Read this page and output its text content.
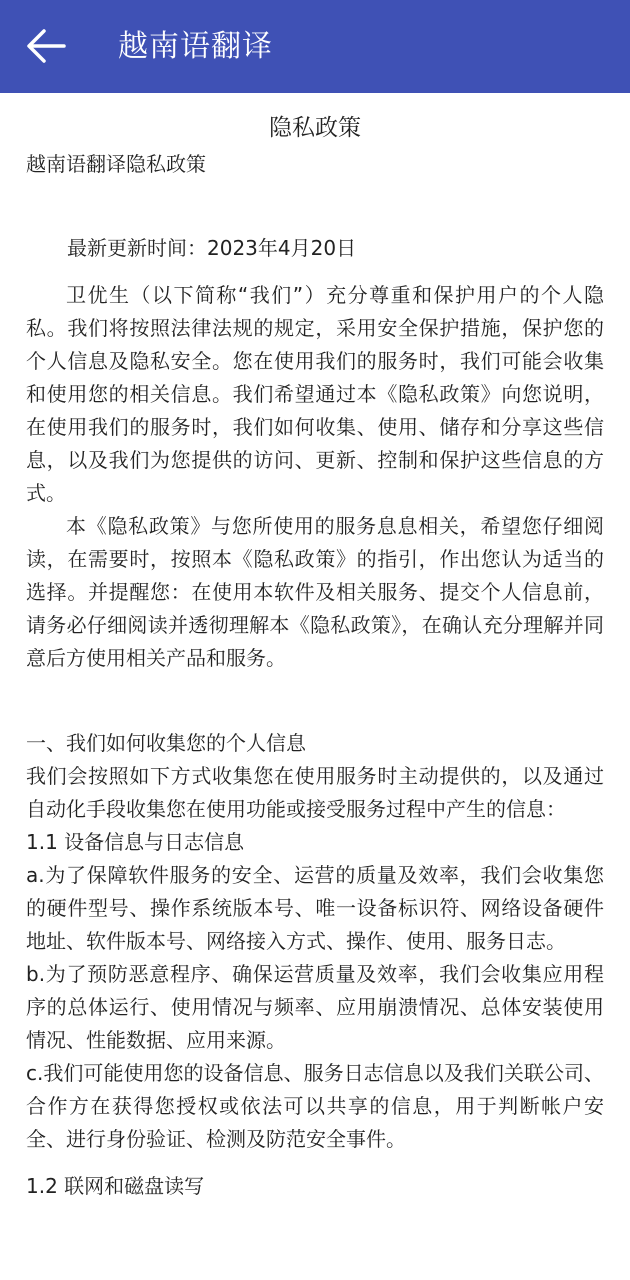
越南语翻译
隐私政策
越南语翻译隐私政策
最新更新时间：2023年4月20日

卫优生（以下简称“我们”）充分尊重和保护用户的个人隐私。我们将按照法律法规的规定，采用安全保护措施，保护您的个人信息及隐私安全。您在使用我们的服务时，我们可能会收集和使用您的相关信息。我们希望通过本《隐私政策》向您说明，在使用我们的服务时，我们如何收集、使用、储存和分享这些信息，以及我们为您提供的访问、更新、控制和保护这些信息的方式。

本《隐私政策》与您所使用的服务息息相关，希望您仔细阅读，在需要时，按照本《隐私政策》的指引，作出您认为适当的选择。并提醒您：在使用本软件及相关服务、提交个人信息前，请务必仔细阅读并透彻理解本《隐私政策》，在确认充分理解并同意后方使用相关产品和服务。

一、我们如何收集您的个人信息

我们会按照如下方式收集您在使用服务时主动提供的，以及通过自动化手段收集您在使用功能或接受服务过程中产生的信息：

1.1 设备信息与日志信息

a.为了保障软件服务的安全、运营的质量及效率，我们会收集您的硬件型号、操作系统版本号、唯一设备标识符、网络设备硬件地址、软件版本号、网络接入方式、操作、使用、服务日志。

b.为了预防恶意程序、确保运营质量及效率，我们会收集应用程序的总体运行、使用情况与频率、应用崩溃情况、总体安装使用情况、性能数据、应用来源。

c.我们可能使用您的设备信息、服务日志信息以及我们关联公司、合作方在获得您授权或依法可以共享的信息，用于判断帐户安全、进行身份验证、检测及防范安全事件。

1.2 联网和磁盘读写
